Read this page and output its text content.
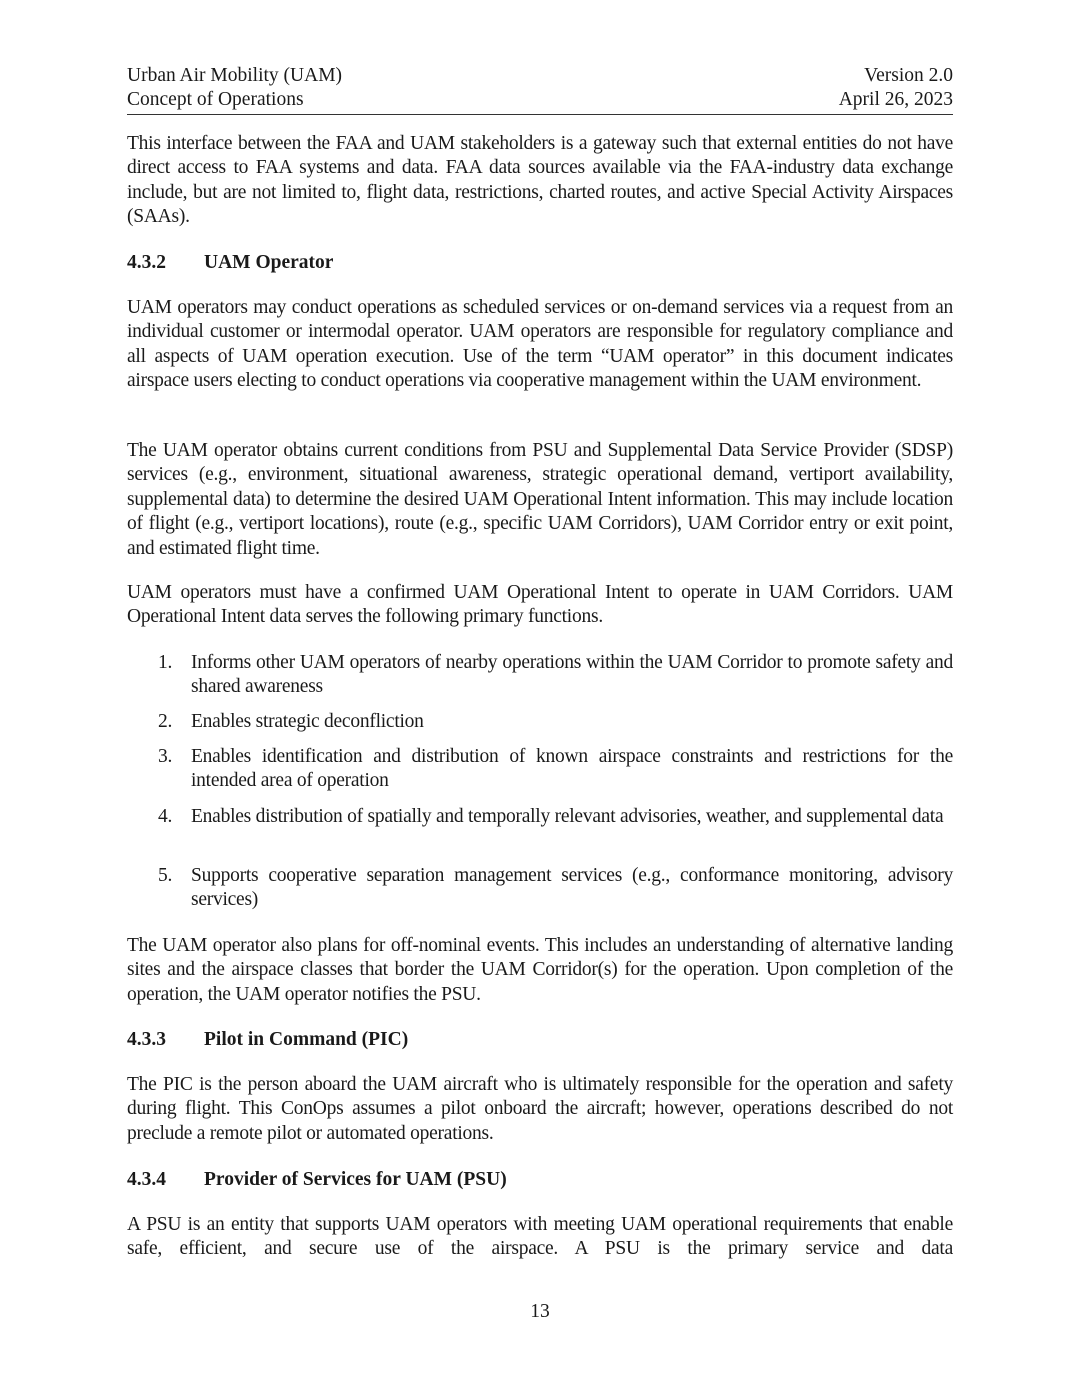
Urban Air Mobility (UAM)
Concept of Operations
Version 2.0
April 26, 2023
This interface between the FAA and UAM stakeholders is a gateway such that external entities do not have direct access to FAA systems and data. FAA data sources available via the FAA-industry data exchange include, but are not limited to, flight data, restrictions, charted routes, and active Special Activity Airspaces (SAAs).
4.3.2 UAM Operator
UAM operators may conduct operations as scheduled services or on-demand services via a request from an individual customer or intermodal operator. UAM operators are responsible for regulatory compliance and all aspects of UAM operation execution. Use of the term “UAM operator” in this document indicates airspace users electing to conduct operations via cooperative management within the UAM environment.
The UAM operator obtains current conditions from PSU and Supplemental Data Service Provider (SDSP) services (e.g., environment, situational awareness, strategic operational demand, vertiport availability, supplemental data) to determine the desired UAM Operational Intent information. This may include location of flight (e.g., vertiport locations), route (e.g., specific UAM Corridors), UAM Corridor entry or exit point, and estimated flight time.
UAM operators must have a confirmed UAM Operational Intent to operate in UAM Corridors. UAM Operational Intent data serves the following primary functions.
1. Informs other UAM operators of nearby operations within the UAM Corridor to promote safety and shared awareness
2. Enables strategic deconfliction
3. Enables identification and distribution of known airspace constraints and restrictions for the intended area of operation
4. Enables distribution of spatially and temporally relevant advisories, weather, and supplemental data
5. Supports cooperative separation management services (e.g., conformance monitoring, advisory services)
The UAM operator also plans for off-nominal events. This includes an understanding of alternative landing sites and the airspace classes that border the UAM Corridor(s) for the operation. Upon completion of the operation, the UAM operator notifies the PSU.
4.3.3 Pilot in Command (PIC)
The PIC is the person aboard the UAM aircraft who is ultimately responsible for the operation and safety during flight. This ConOps assumes a pilot onboard the aircraft; however, operations described do not preclude a remote pilot or automated operations.
4.3.4 Provider of Services for UAM (PSU)
A PSU is an entity that supports UAM operators with meeting UAM operational requirements that enable safe, efficient, and secure use of the airspace. A PSU is the primary service and data
13
